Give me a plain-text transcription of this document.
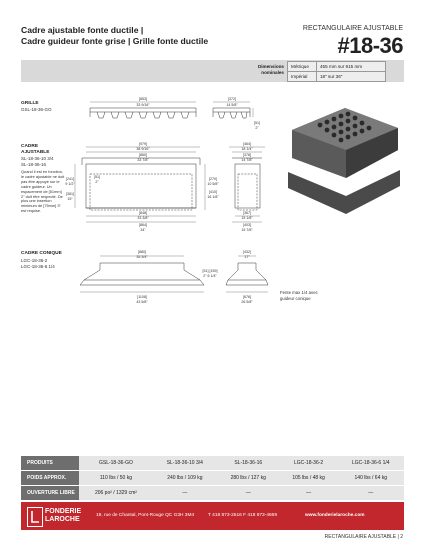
Cadre ajustable fonte ductile |
Cadre guideur fonte grise | Grille fonte ductile
RECTANGULAIRE AJUSTABLE
#18-36
Dimensions
nominales
Métrique	455 mm sur 915 mm
Impérial	18" sur 36"
GRILLE
GSL-18-36-GO
CADRE
AJUSTABLE
SL-18-36-10 3/4
SL-18-36-16
Quand il est en fonction, le cadre ajustable ne doit pas être appuyé sur le cadre guideur. Un espacement de [51mm] 2" doit être respecté. De plus une insertion minimum de [75mm] 3" est requise.
CADRE CONIQUE
LGC-18-36-2
LGC-18-36-6 1/4
[853]
33 9/16"
[372]
14 5/8"
[51]
2"
[979]
38 9/16"
[860]
33 7/8"
[848]
33 3/8"
[864]
34"
[241]
9 1/2"
[381]
15"
[51]
2"
[270]
10 5/8"
[410]
16 1/8"
[464]
18 1/4"
[378]
14 7/8"
[367]
15 1/8"
[403]
15 7/8"
[880]
35 3/4"
[1108]
43 5/8"
[51] [159]
2" 6 1/4"
[432]
17"
[676]
26 5/8"
Fente max 1/4 avec guideur conique
PRODUITS	GSL-18-36-GO	SL-18-36-10 3/4	SL-18-36-16	LGC-18-36-2	LGC-18-36-6 1/4
POIDS APPROX.	110 lbs / 50 kg	240 lbs / 109 kg	280 lbs / 127 kg	105 lbs / 48 kg	140 lbs / 64 kg
OUVERTURE LIBRE	206 po² / 1329 cm²	—	—	—	—
FONDERIE
LAROCHE
19, rue de Chantal, Pont-Rouge QC G3H 3M4	T 418 873-2516 F 418 873-4669	www.fonderielaroche.com
RECTANGULAIRE AJUSTABLE | 2
